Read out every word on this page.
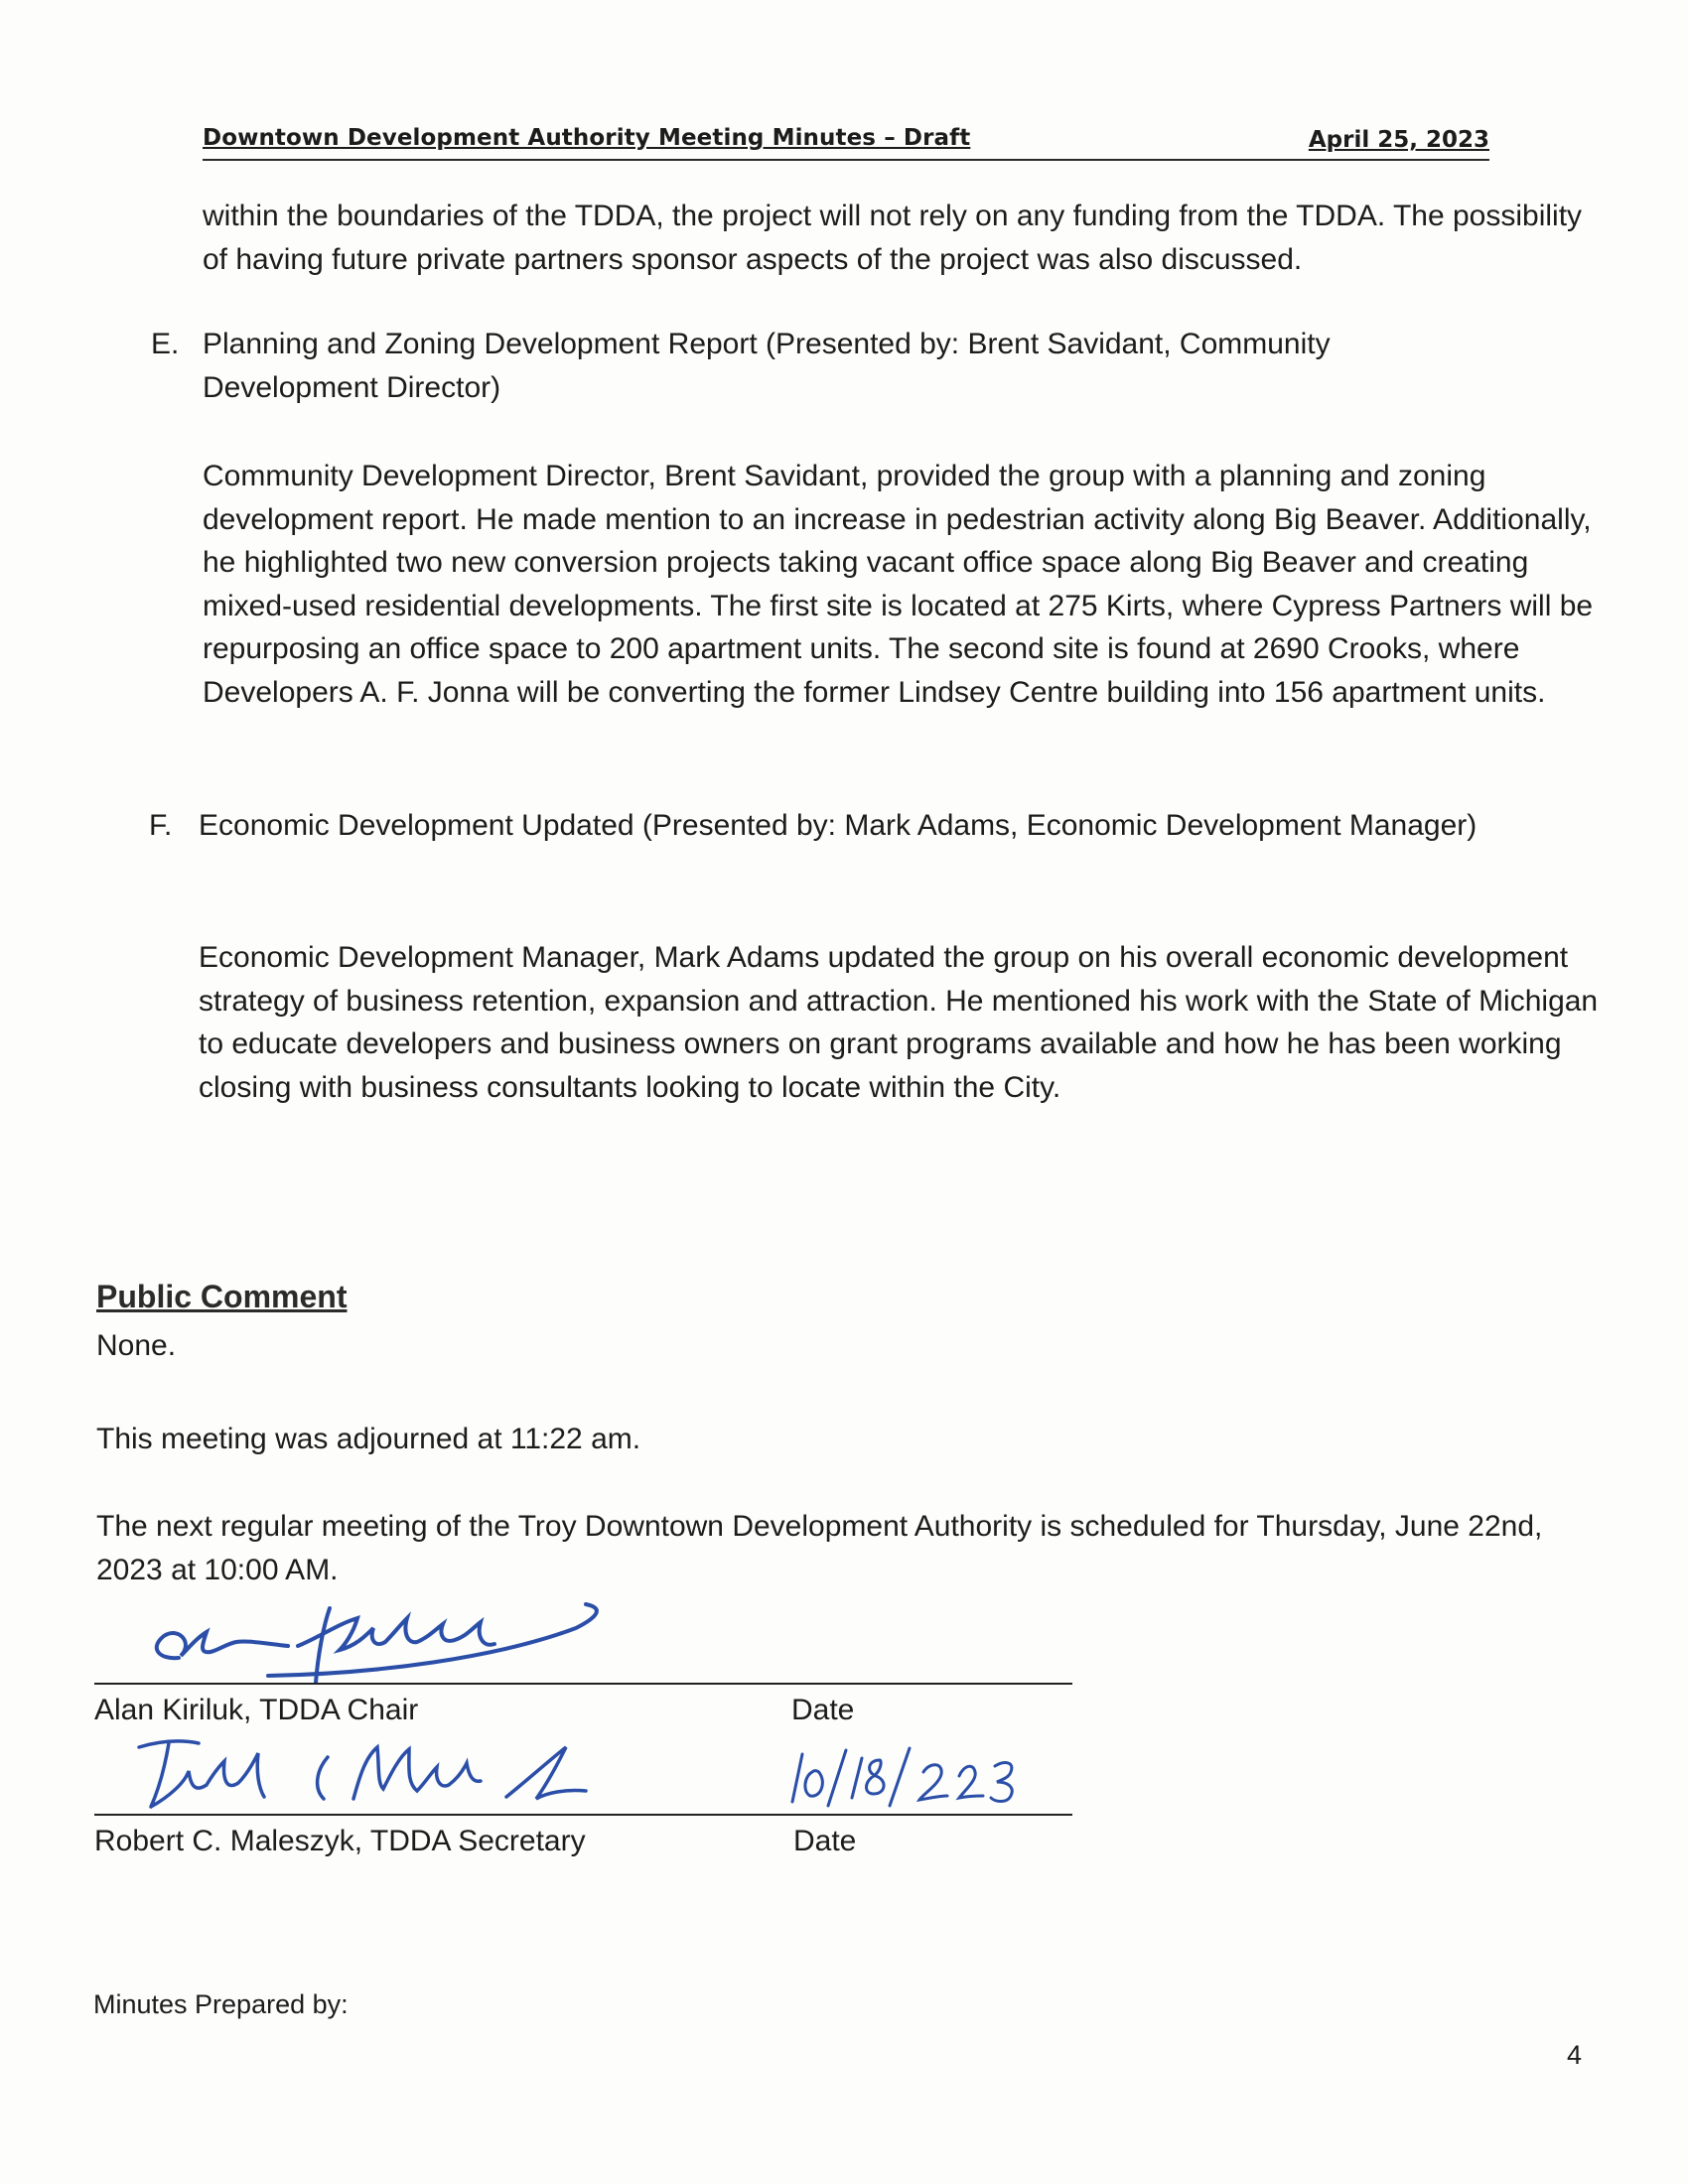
Downtown Development Authority Meeting Minutes – Draft	April 25, 2023

within the boundaries of the TDDA, the project will not rely on any funding from the TDDA. The possibility of having future private partners sponsor aspects of the project was also discussed.

E. Planning and Zoning Development Report (Presented by: Brent Savidant, Community Development Director)

Community Development Director, Brent Savidant, provided the group with a planning and zoning development report. He made mention to an increase in pedestrian activity along Big Beaver. Additionally, he highlighted two new conversion projects taking vacant office space along Big Beaver and creating mixed-used residential developments. The first site is located at 275 Kirts, where Cypress Partners will be repurposing an office space to 200 apartment units. The second site is found at 2690 Crooks, where Developers A. F. Jonna will be converting the former Lindsey Centre building into 156 apartment units.

F. Economic Development Updated (Presented by: Mark Adams, Economic Development Manager)

Economic Development Manager, Mark Adams updated the group on his overall economic development strategy of business retention, expansion and attraction. He mentioned his work with the State of Michigan to educate developers and business owners on grant programs available and how he has been working closing with business consultants looking to locate within the City.

Public Comment
None.
This meeting was adjourned at 11:22 am.

The next regular meeting of the Troy Downtown Development Authority is scheduled for Thursday, June 22nd, 2023 at 10:00 AM.

Alan Kiriluk, TDDA Chair	Date
Robert C. Maleszyk, TDDA Secretary	Date
Minutes Prepared by:
4
